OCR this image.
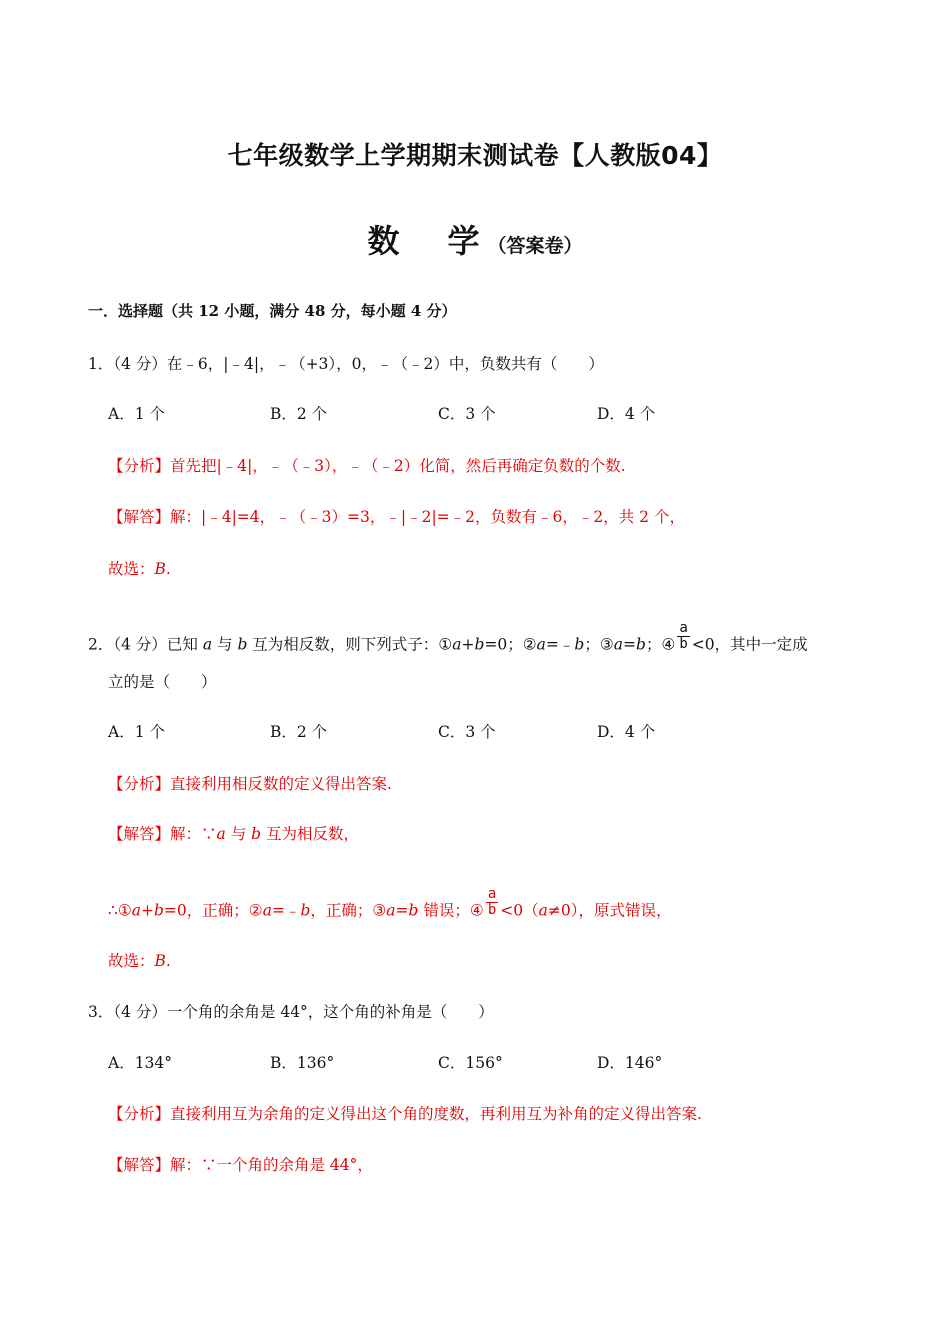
七年级数学上学期期末测试卷【人教版04】
数　学（答案卷）
一．选择题（共 12 小题，满分 48 分，每小题 4 分）
1．（4 分）在﹣6，|﹣4|，﹣（+3），0，﹣（﹣2）中，负数共有（　　）
A．1 个	B．2 个	C．3 个	D．4 个
【分析】首先把|﹣4|，﹣（﹣3），﹣（﹣2）化简，然后再确定负数的个数.
【解答】解：|﹣4|=4，﹣（﹣3）=3，﹣|﹣2|=﹣2，负数有﹣6，﹣2，共 2 个，
故选：B.
2．（4 分）已知 a 与 b 互为相反数，则下列式子：①a+b=0；②a=﹣b；③a=b；④ $\frac{a}{b} <0$，其中一定成
立的是（　　）
A．1 个	B．2 个	C．3 个	D．4 个
【分析】直接利用相反数的定义得出答案.
【解答】解：∵a 与 b 互为相反数，
∴①a+b=0，正确；②a=﹣b，正确；③a=b 错误；④ $\frac{a}{b} <0(a\ne 0)$，原式错误，
故选：B.
3．（4 分）一个角的余角是 44°，这个角的补角是（　　）
A．134°	B．136°	C．156°	D．146°
【分析】直接利用互为余角的定义得出这个角的度数，再利用互为补角的定义得出答案.
【解答】解：∵一个角的余角是 44°，
